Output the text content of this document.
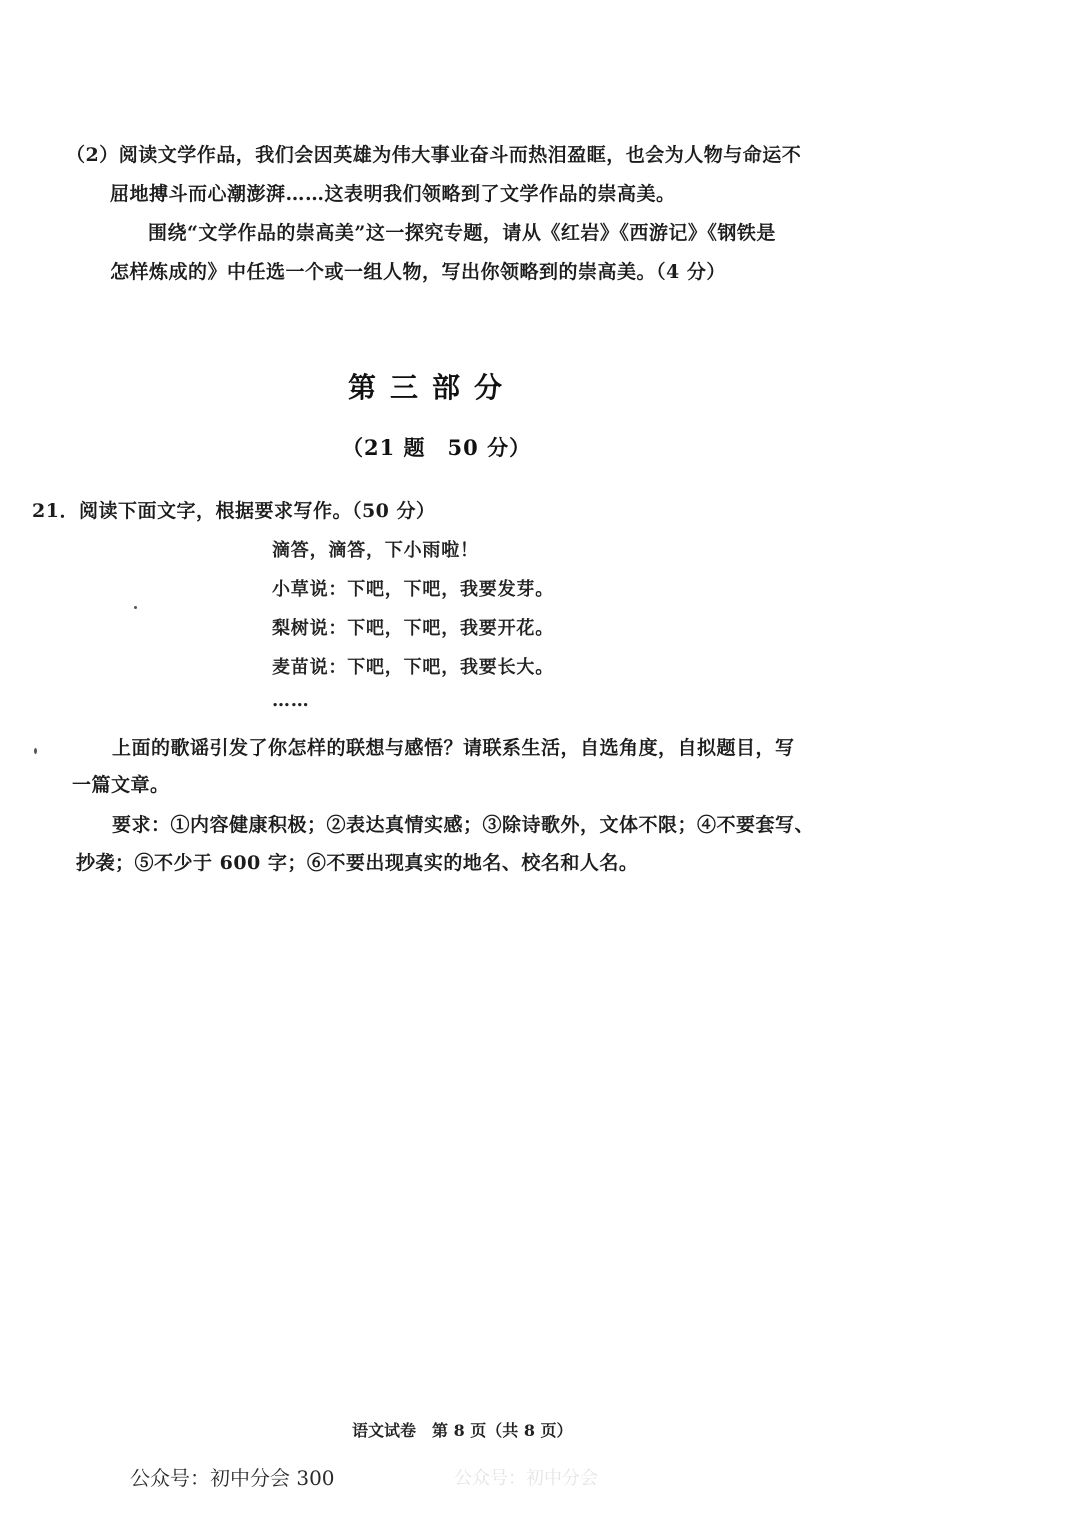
（2）阅读文学作品，我们会因英雄为伟大事业奋斗而热泪盈眶，也会为人物与命运不
屈地搏斗而心潮澎湃……这表明我们领略到了文学作品的崇高美。
围绕“文学作品的崇高美”这一探究专题，请从《红岩》《西游记》《钢铁是
怎样炼成的》中任选一个或一组人物，写出你领略到的崇高美。（4 分）
第三部分
（21 题　50 分）
21．阅读下面文字，根据要求写作。（50 分）
滴答，滴答，下小雨啦！
小草说：下吧，下吧，我要发芽。
梨树说：下吧，下吧，我要开花。
麦苗说：下吧，下吧，我要长大。
……
上面的歌谣引发了你怎样的联想与感悟？请联系生活，自选角度，自拟题目，写
一篇文章。
要求：①内容健康积极；②表达真情实感；③除诗歌外，文体不限；④不要套写、
抄袭；⑤不少于 600 字；⑥不要出现真实的地名、校名和人名。
语文试卷　第 8 页（共 8 页）
公众号：初中分会 300	公众号：初中分会
